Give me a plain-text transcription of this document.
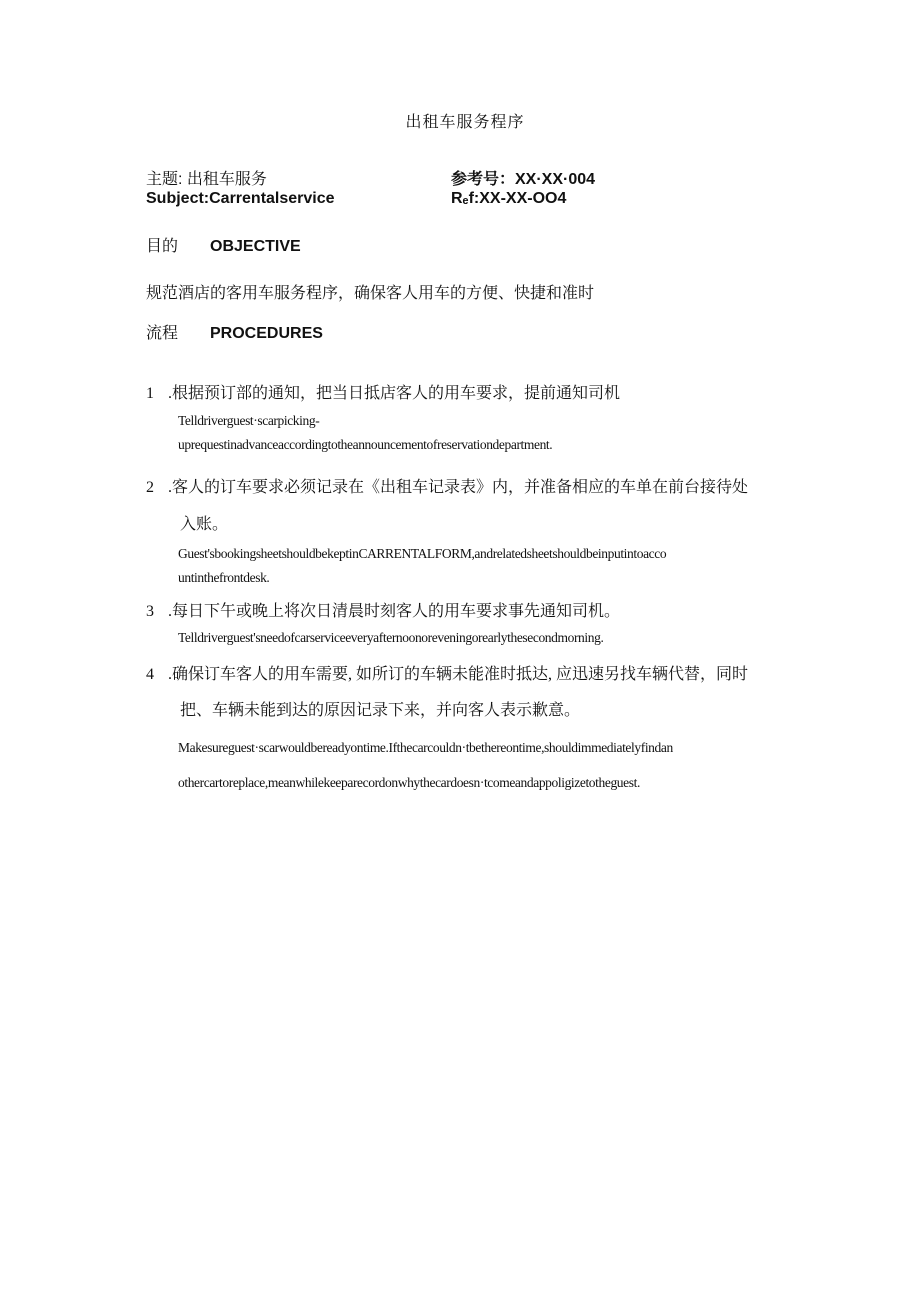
出租车服务程序
主题: 出租车服务	参考号：XX·XX·004
Subject:Carrentalservice	Rₑf:XX-XX-OO4
目的 OBJECTIVE
规范酒店的客用车服务程序，确保客人用车的方便、快捷和准时
流程 PROCEDURES
1 .根据预订部的通知，把当日抵店客人的用车要求，提前通知司机
Telldriverguest·scarpicking-
uprequestinadvanceaccordingtotheannouncementofreservationdepartment.
2 .客人的订车要求必须记录在《出租车记录表》内，并准备相应的车单在前台接待处
入账。
Guest'sbookingsheetshouldbekeptinCARRENTALFORM,andrelatedsheetshouldbeinputintoacco
untinthefrontdesk.
3 .每日下午或晚上将次日清晨时刻客人的用车要求事先通知司机。
Telldriverguest'sneedofcarserviceeveryafternoonoreveningorearlythesecondmorning.
4 .确保订车客人的用车需要, 如所订的车辆未能准时抵达, 应迅速另找车辆代替，同时
把、车辆未能到达的原因记录下来，并向客人表示歉意。
Makesureguest·scarwouldbereadyontime.Ifthecarcouldn·tbethereontime,shouldimmediatelyfindan
othercartoreplace,meanwhilekeeparecordonwhythecardoesn·tcomeandappoligizetotheguest.
